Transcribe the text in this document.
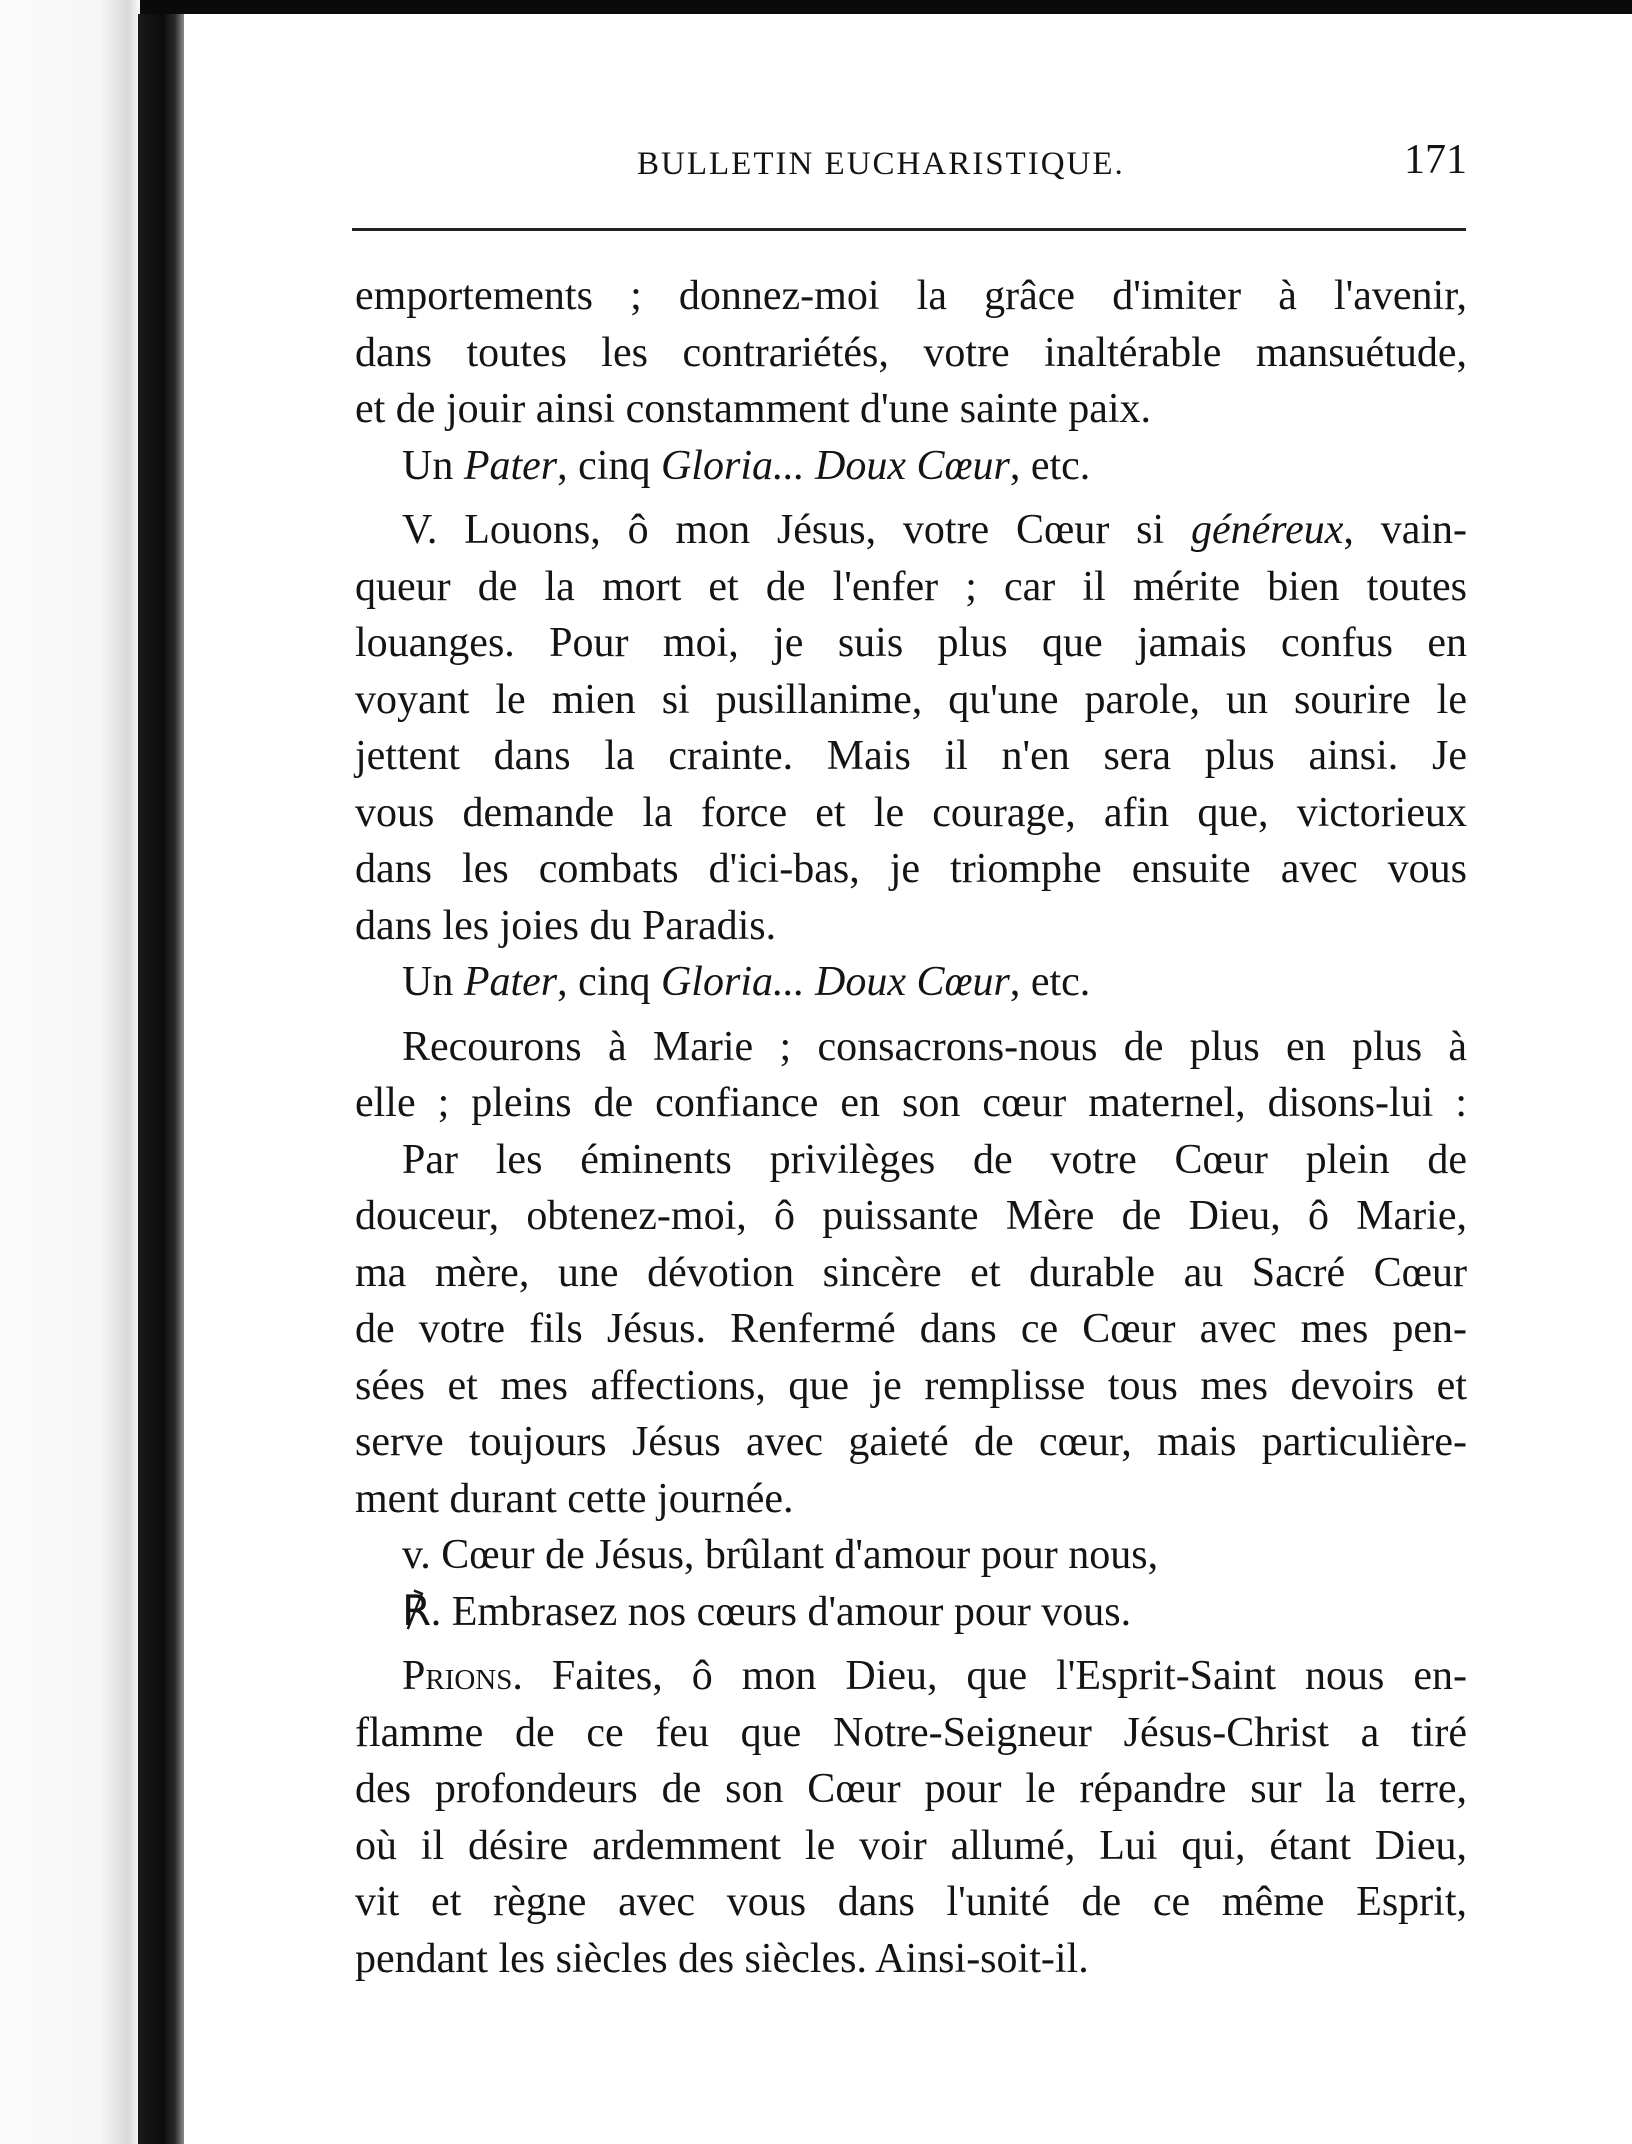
BULLETIN EUCHARISTIQUE.	171
emportements ; donnez-moi la grâce d'imiter à l'avenir,
dans toutes les contrariétés, votre inaltérable mansuétude,
et de jouir ainsi constamment d'une sainte paix.
Un Pater, cinq Gloria... Doux Cœur, etc.
V. Louons, ô mon Jésus, votre Cœur si généreux, vain-
queur de la mort et de l'enfer ; car il mérite bien toutes
louanges. Pour moi, je suis plus que jamais confus en
voyant le mien si pusillanime, qu'une parole, un sourire le
jettent dans la crainte. Mais il n'en sera plus ainsi. Je
vous demande la force et le courage, afin que, victorieux
dans les combats d'ici-bas, je triomphe ensuite avec vous
dans les joies du Paradis.
Un Pater, cinq Gloria... Doux Cœur, etc.
Recourons à Marie ; consacrons-nous de plus en plus à
elle ; pleins de confiance en son cœur maternel, disons-lui :
Par les éminents privilèges de votre Cœur plein de
douceur, obtenez-moi, ô puissante Mère de Dieu, ô Marie,
ma mère, une dévotion sincère et durable au Sacré Cœur
de votre fils Jésus. Renfermé dans ce Cœur avec mes pen-
sées et mes affections, que je remplisse tous mes devoirs et
serve toujours Jésus avec gaieté de cœur, mais particulière-
ment durant cette journée.
v. Cœur de Jésus, brûlant d'amour pour nous,
℟. Embrasez nos cœurs d'amour pour vous.
Prions. Faites, ô mon Dieu, que l'Esprit-Saint nous en-
flamme de ce feu que Notre-Seigneur Jésus-Christ a tiré
des profondeurs de son Cœur pour le répandre sur la terre,
où il désire ardemment le voir allumé, Lui qui, étant Dieu,
vit et règne avec vous dans l'unité de ce même Esprit,
pendant les siècles des siècles. Ainsi-soit-il.
